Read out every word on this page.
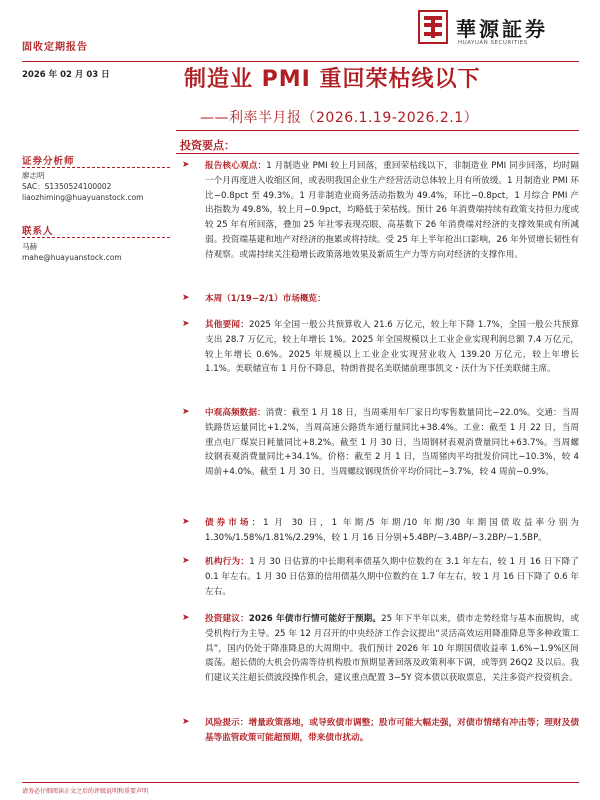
固收定期报告
華源証券
HUAYUAN SECURITIES
2026 年 02 月 03 日	制造业 PMI 重回荣枯线以下
——利率半月报（2026.1.19-2026.2.1）
投资要点：
证券分析师
廖志明
SAC：S1350524100002
liaozhiming@huayuanstock.com
联系人
马赫
mahe@huayuanstock.com
➤ 报告核心观点：1 月制造业 PMI 较上月回落，重回荣枯线以下，非制造业 PMI 同步回落，均时隔一个月再度进入收缩区间，或表明我国企业生产经营活动总体较上月有所放缓。1 月制造业 PMI 环比−0.8pct 至 49.3%。1 月非制造业商务活动指数为 49.4%，环比−0.8pct，1 月综合 PMI 产出指数为 49.8%，较上月−0.9pct，均略低于荣枯线。预计 26 年消费端持续有政策支持但力度或较 25 年有所回落，叠加 25 年社零表现亮眼，高基数下 26 年消费端对经济的支撑效果或有所减弱。投资端基建和地产对经济的拖累或将持续。受 25 年上半年抢出口影响，26 年外贸增长韧性有待观察。或需持续关注稳增长政策落地效果及新质生产力等方向对经济的支撑作用。
➤ 本周（1/19−2/1）市场概览：
➤ 其他要闻：2025 年全国一般公共预算收入 21.6 万亿元，较上年下降 1.7%，全国一般公共预算支出 28.7 万亿元，较上年增长 1%。2025 年全国规模以上工业企业实现利润总额 7.4 万亿元，较上年增长 0.6%。2025 年规模以上工业企业实现营业收入 139.20 万亿元，较上年增长 1.1%。美联储宣布 1 月份不降息，特朗普提名美联储前理事凯文・沃什为下任美联储主席。
➤ 中观高频数据：消费：截至 1 月 18 日，当周乘用车厂家日均零售数量同比−22.0%。交通：当周铁路货运量同比+1.2%，当周高速公路货车通行量同比+38.4%。工业：截至 1 月 22 日，当周重点电厂煤炭日耗量同比+8.2%。截至 1 月 30 日，当周钢材表观消费量同比+63.7%。当周螺纹钢表观消费量同比+34.1%。价格：截至 2 月 1 日，当周猪肉平均批发价同比−10.3%，较 4 周前+4.0%。截至 1 月 30 日，当周螺纹钢现货价平均价同比−3.7%，较 4 周前−0.9%。
➤ 债券市场：1 月 30 日，1 年期/5 年期/10 年期/30 年期国债收益率分别为 1.30%/1.58%/1.81%/2.29%，较 1 月 16 日分别+5.4BP/−3.4BP/−3.2BP/−1.5BP。
➤ 机构行为：1 月 30 日估算的中长期利率债基久期中位数约在 3.1 年左右，较 1 月 16 日下降了 0.1 年左右。1 月 30 日估算的信用债基久期中位数约在 1.7 年左右，较 1 月 16 日下降了 0.6 年左右。
➤ 投资建议：2026 年债市行情可能好于预期。25 年下半年以来，债市走势经常与基本面脱钩，或受机构行为主导。25 年 12 月召开的中央经济工作会议提出“灵活高效运用降准降息等多种政策工具”，国内仍处于降准降息的大周期中。我们预计 2026 年 10 年期国债收益率 1.6%−1.9%区间震荡。超长债的大机会仍需等待机构股市预期显著回落及政策利率下调，或等到 26Q2 及以后。我们建议关注超长债波段操作机会，建议重点配置 3−5Y 资本债以获取票息，关注多资产投资机会。
➤ 风险提示：增量政策落地，或导致债市调整；股市可能大幅走强，对债市情绪有冲击等；理财及债基等监管政策可能超预期，带来债市扰动。
请务必仔细阅读正文之后的评级说明和重要声明
